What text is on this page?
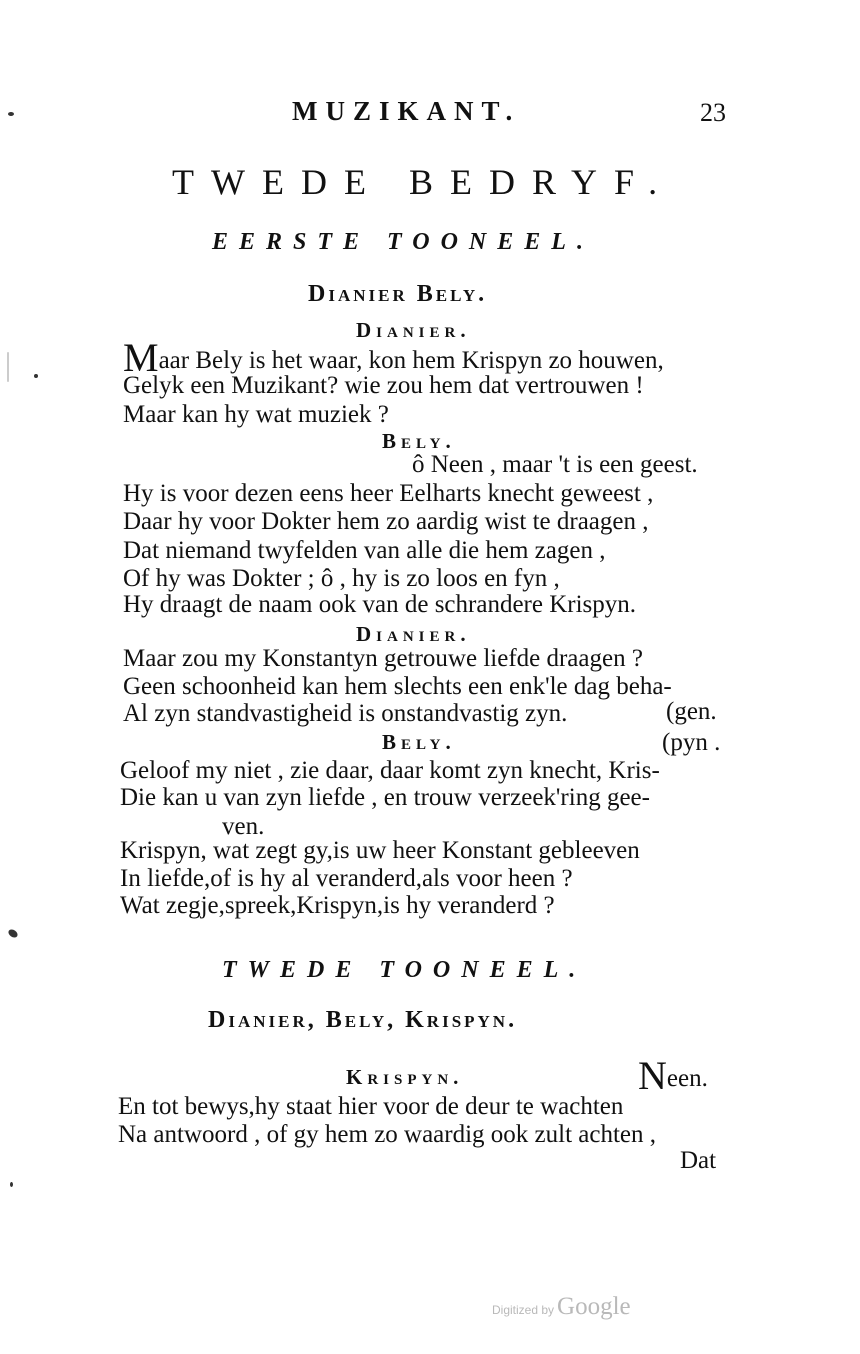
MUZIKANT.	23
TWEDE BEDRYF.
EERSTE TOONEEL.
Dianier Bely.
Dianier.
Maar Bely is het waar, kon hem Krispyn zo houwen,
Gelyk een Muzikant? wie zou hem dat vertrouwen !
Maar kan hy wat muziek ?
Bely.
ô Neen , maar 't is een geest.
Hy is voor dezen eens heer Eelharts knecht geweest ,
Daar hy voor Dokter hem zo aardig wist te draagen ,
Dat niemand twyfelden van alle die hem zagen ,
Of hy was Dokter ; ô , hy is zo loos en fyn ,
Hy draagt de naam ook van de schrandere Krispyn.
Dianier.
Maar zou my Konstantyn getrouwe liefde draagen ?
Geen schoonheid kan hem slechts een enk'le dag beha-
Al zyn standvastigheid is onstandvastig zyn.	(gen.
Bely.	(pyn .
Geloof my niet , zie daar, daar komt zyn knecht, Kris-
Die kan u van zyn liefde , en trouw verzeek'ring gee-
ven.
Krispyn, wat zegt gy,is uw heer Konstant gebleeven
In liefde,of is hy al veranderd,als voor heen ?
Wat zegje,spreek,Krispyn,is hy veranderd ?
TWEDE TOONEEL.
Dianier, Bely, Krispyn.
Krispyn.	Neen.
En tot bewys,hy staat hier voor de deur te wachten
Na antwoord , of gy hem zo waardig ook zult achten ,
Dat
Digitized by Google
